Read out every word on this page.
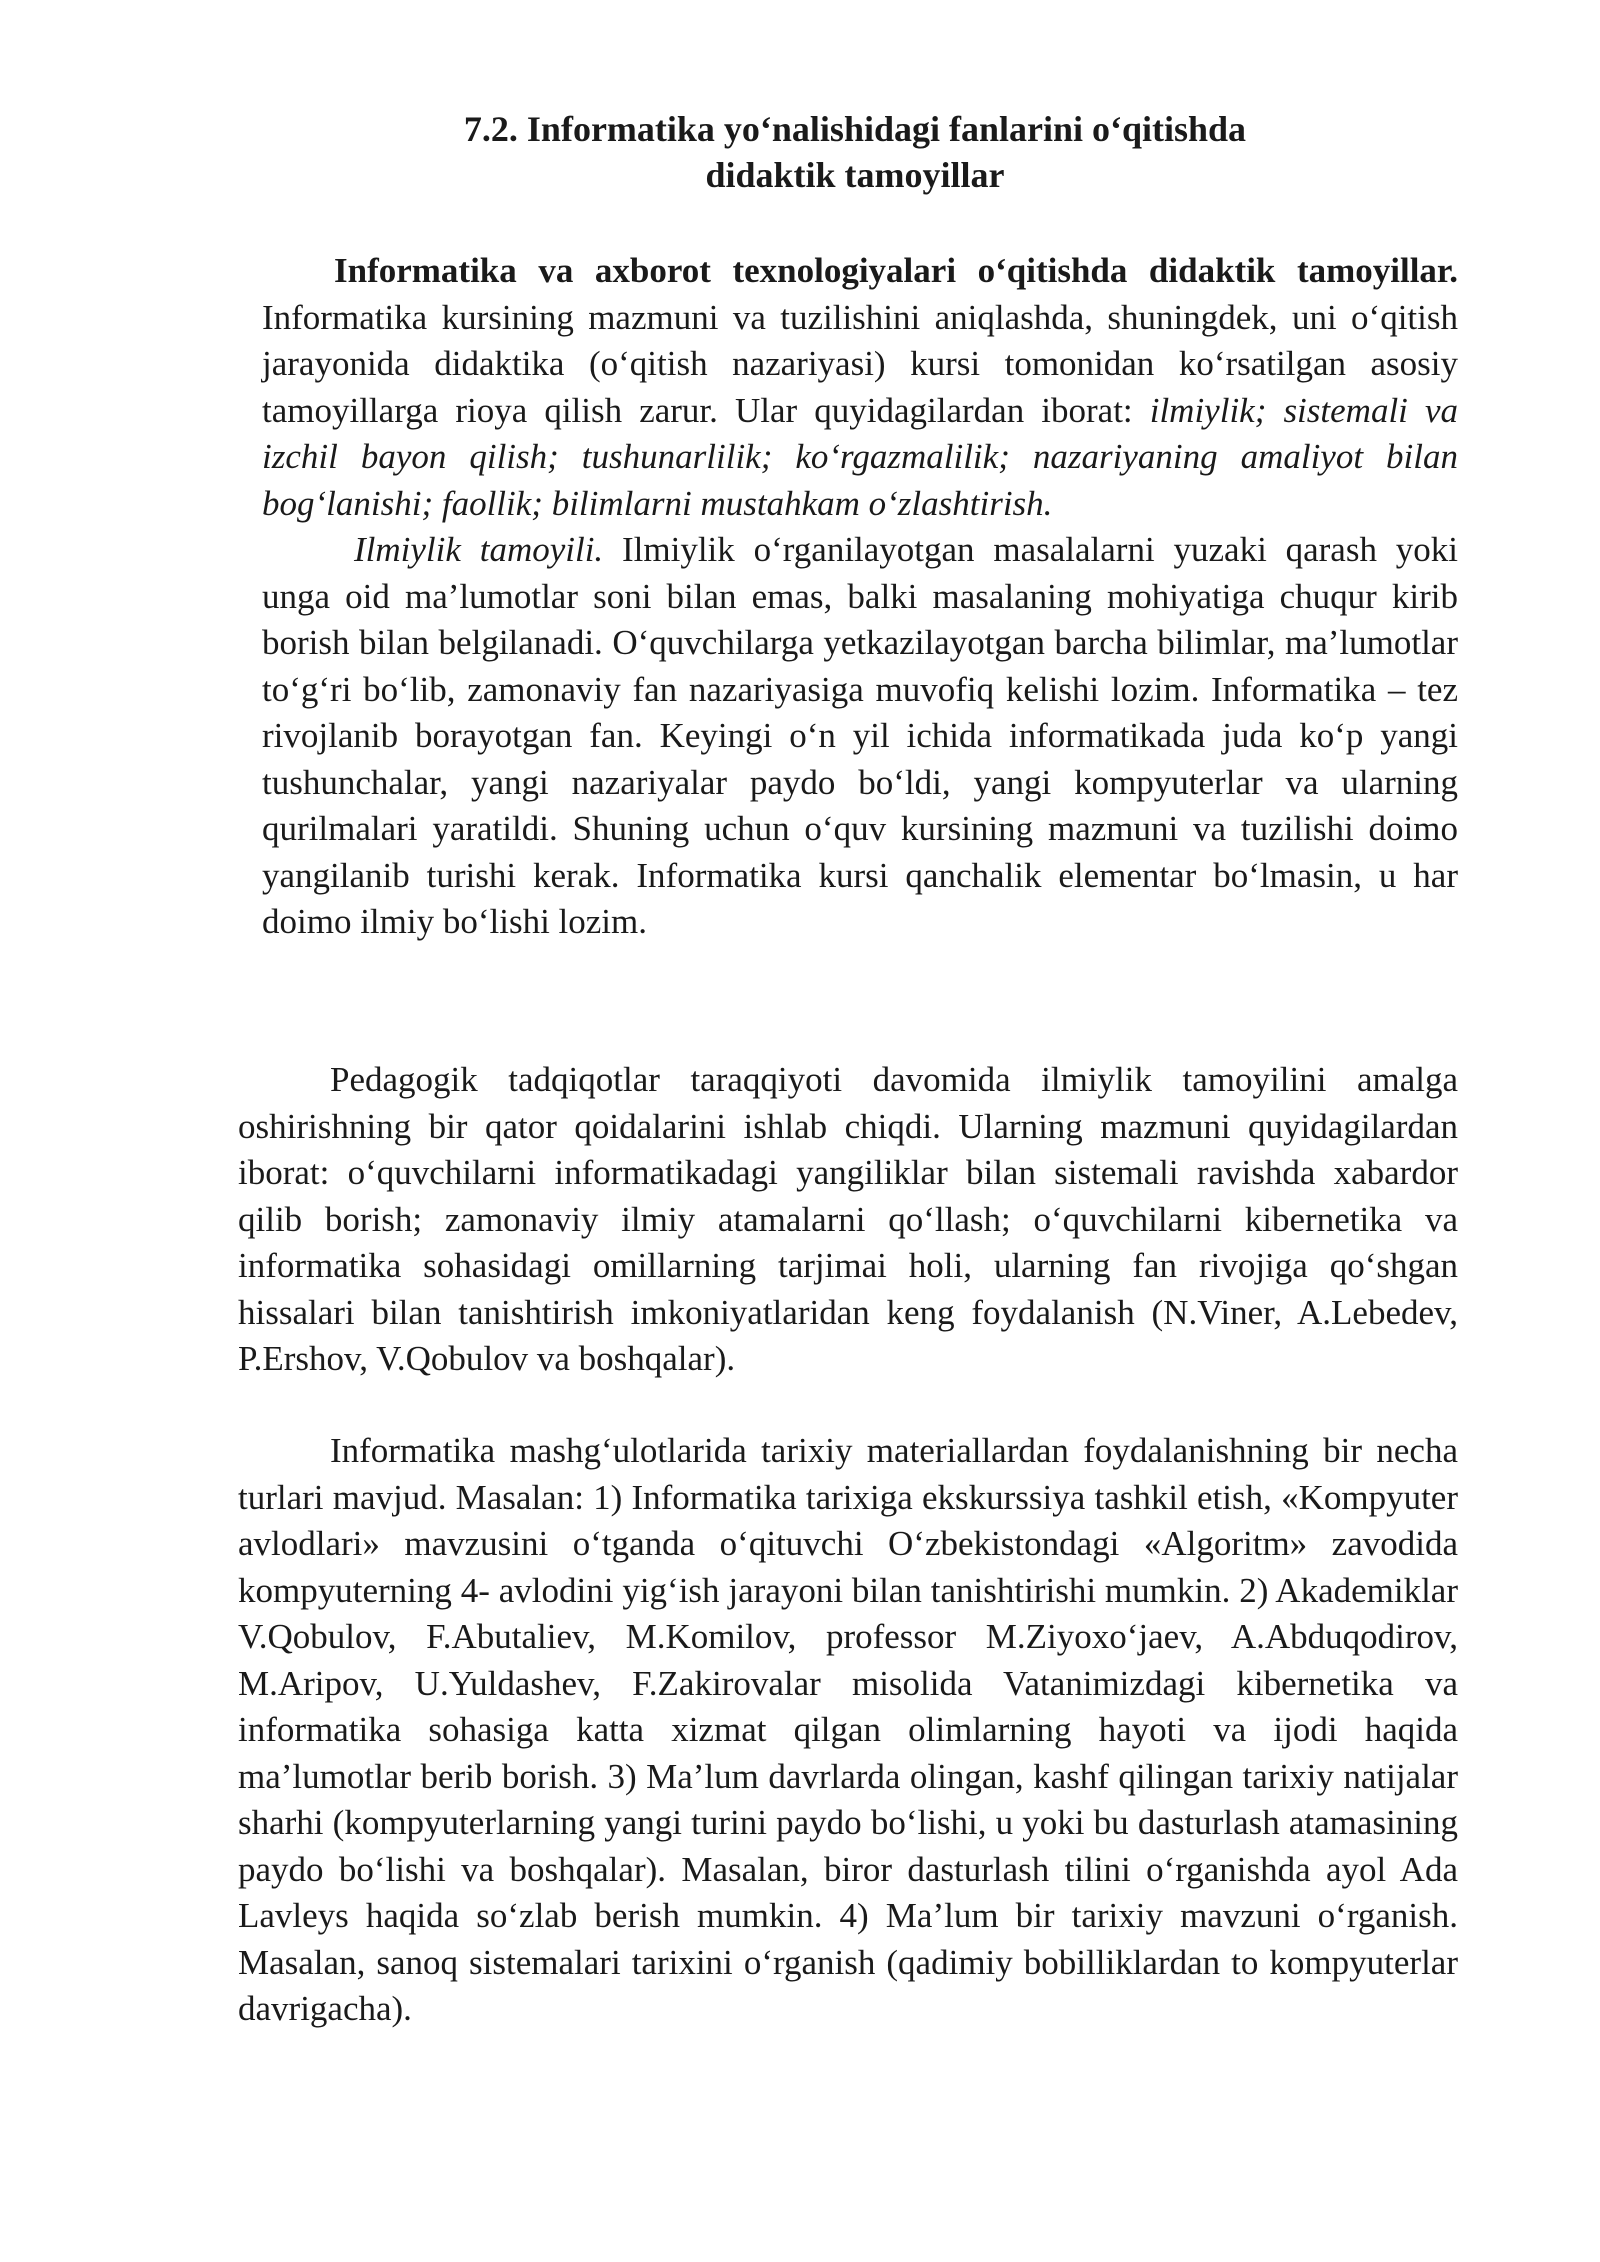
7.2. Informatika yo‘nalishidagi fanlarini o‘qitishda
didaktik tamoyillar

Informatika va axborot texnologiyalari o‘qitishda didaktik tamoyillar. Informatika kursining mazmuni va tuzilishini aniqlashda, shuningdek, uni o‘qitish jarayonida didaktika (o‘qitish nazariyasi) kursi tomonidan ko‘rsatilgan asosiy tamoyillarga rioya qilish zarur. Ular quyidagilardan iborat: ilmiylik; sistemali va izchil bayon qilish; tushunarlilik; ko‘rgazmalilik; nazariyaning amaliyot bilan bog‘lanishi; faollik; bilimlarni mustahkam o‘zlashtirish.

Ilmiylik tamoyili. Ilmiylik o‘rganilayotgan masalalarni yuzaki qarash yoki unga oid ma’lumotlar soni bilan emas, balki masalaning mohiyatiga chuqur kirib borish bilan belgilanadi. O‘quvchilarga yetkazilayotgan barcha bilimlar, ma’lumotlar to‘g‘ri bo‘lib, zamonaviy fan nazariyasiga muvofiq kelishi lozim. Informatika – tez rivojlanib borayotgan fan. Keyingi o‘n yil ichida informatikada juda ko‘p yangi tushunchalar, yangi nazariyalar paydo bo‘ldi, yangi kompyuterlar va ularning qurilmalari yaratildi. Shuning uchun o‘quv kursining mazmuni va tuzilishi doimo yangilanib turishi kerak. Informatika kursi qanchalik elementar bo‘lmasin, u har doimo ilmiy bo‘lishi lozim.

Pedagogik tadqiqotlar taraqqiyoti davomida ilmiylik tamoyilini amalga oshirishning bir qator qoidalarini ishlab chiqdi. Ularning mazmuni quyidagilardan iborat: o‘quvchilarni informatikadagi yangiliklar bilan sistemali ravishda xabardor qilib borish; zamonaviy ilmiy atamalarni qo‘llash; o‘quvchilarni kibernetika va informatika sohasidagi omillarning tarjimai holi, ularning fan rivojiga qo‘shgan hissalari bilan tanishtirish imkoniyatlaridan keng foydalanish (N.Viner, A.Lebedev, P.Ershov, V.Qobulov va boshqalar).

Informatika mashg‘ulotlarida tarixiy materiallardan foydalanishning bir necha turlari mavjud. Masalan: 1) Informatika tarixiga ekskurssiya tashkil etish, «Kompyuter avlodlari» mavzusini o‘tganda o‘qituvchi O‘zbekistondagi «Algoritm» zavodida kompyuterning 4- avlodini yig‘ish jarayoni bilan tanishtirishi mumkin. 2) Akademiklar V.Qobulov, F.Abutaliev, M.Komilov, professor M.Ziyoxo‘jaev, A.Abduqodirov, M.Aripov, U.Yuldashev, F.Zakirovalar misolida Vatanimizdagi kibernetika va informatika sohasiga katta xizmat qilgan olimlarning hayoti va ijodi haqida ma’lumotlar berib borish. 3) Ma’lum davrlarda olingan, kashf qilingan tarixiy natijalar sharhi (kompyuterlarning yangi turini paydo bo‘lishi, u yoki bu dasturlash atamasining paydo bo‘lishi va boshqalar). Masalan, biror dasturlash tilini o‘rganishda ayol Ada Lavleys haqida so‘zlab berish mumkin. 4) Ma’lum bir tarixiy mavzuni o‘rganish. Masalan, sanoq sistemalari tarixini o‘rganish (qadimiy bobilliklardan to kompyuterlar davrigacha).
